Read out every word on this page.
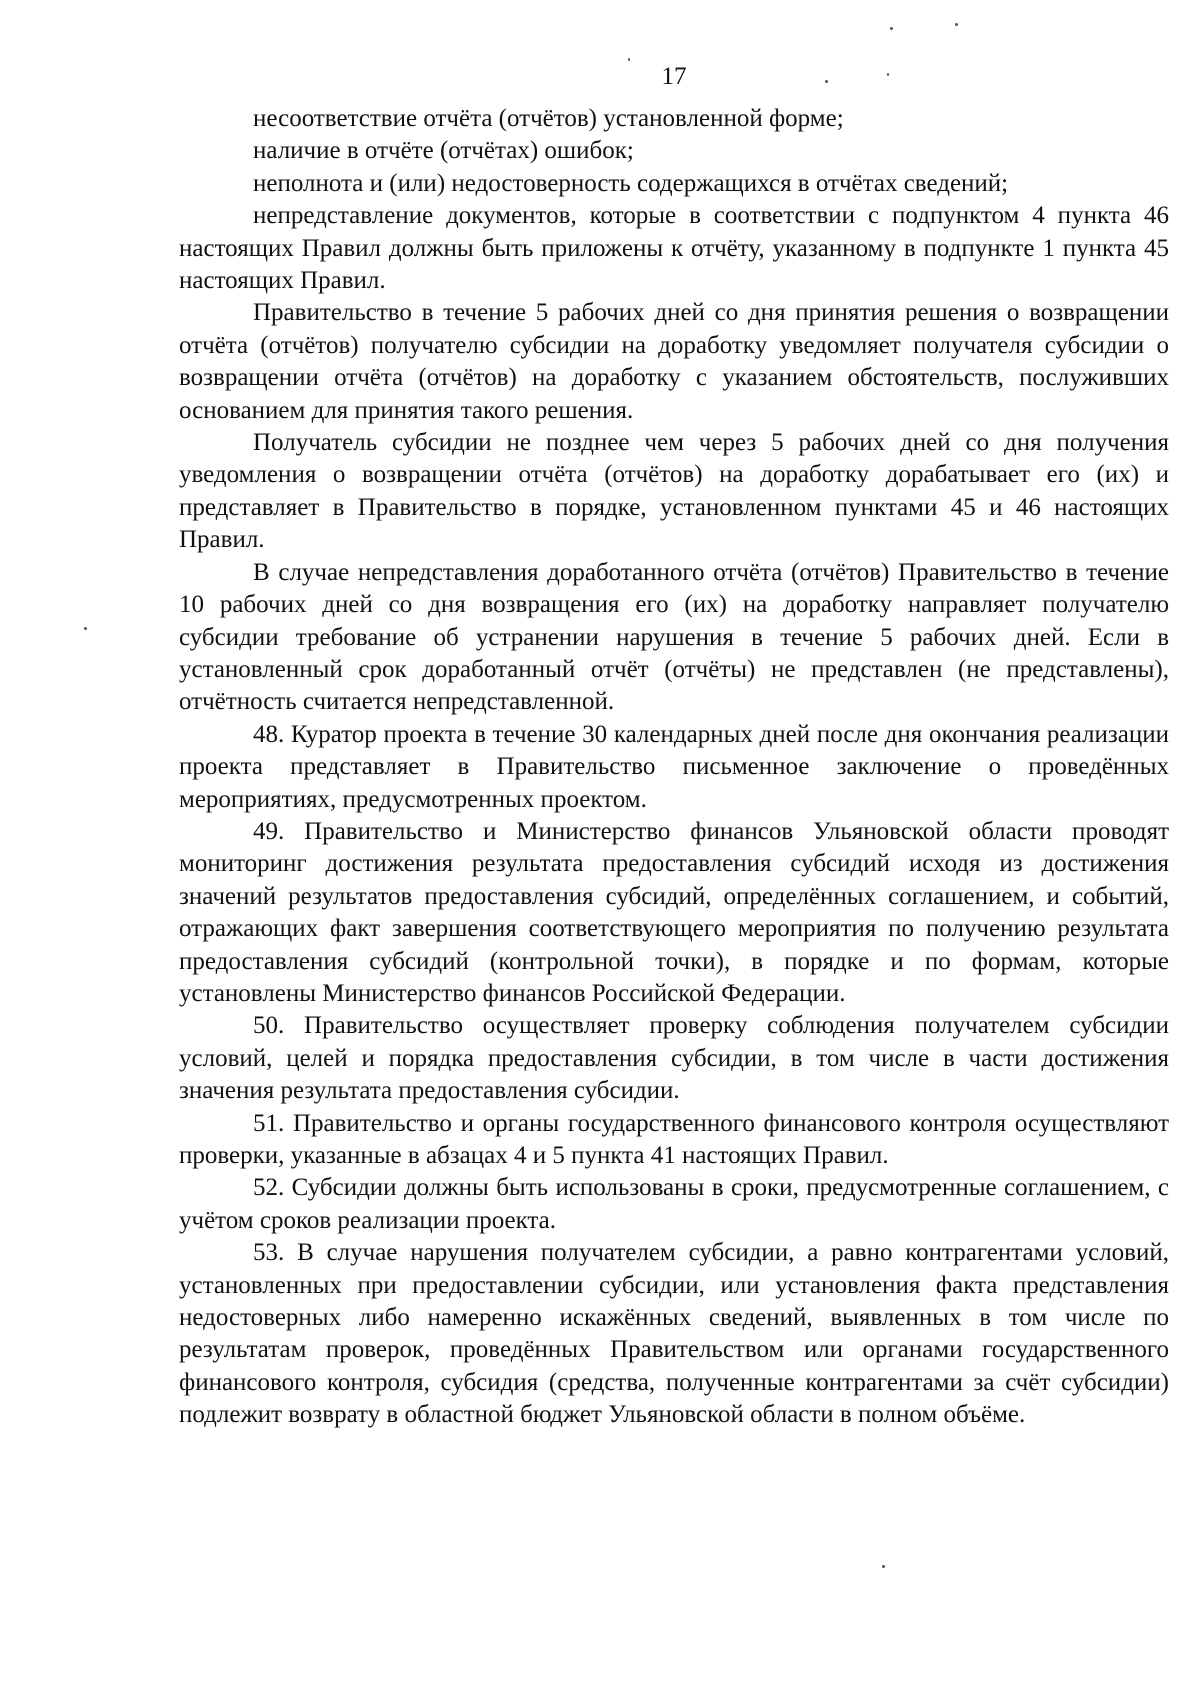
17

несоответствие отчёта (отчётов) установленной форме;

наличие в отчёте (отчётах) ошибок;

неполнота и (или) недостоверность содержащихся в отчётах сведений;

непредставление документов, которые в соответствии с подпунктом 4 пункта 46 настоящих Правил должны быть приложены к отчёту, указанному в подпункте 1 пункта 45 настоящих Правил.

Правительство в течение 5 рабочих дней со дня принятия решения о возвращении отчёта (отчётов) получателю субсидии на доработку уведомляет получателя субсидии о возвращении отчёта (отчётов) на доработку с указанием обстоятельств, послуживших основанием для принятия такого решения.

Получатель субсидии не позднее чем через 5 рабочих дней со дня получения уведомления о возвращении отчёта (отчётов) на доработку дорабатывает его (их) и представляет в Правительство в порядке, установленном пунктами 45 и 46 настоящих Правил.

В случае непредставления доработанного отчёта (отчётов) Правительство в течение 10 рабочих дней со дня возвращения его (их) на доработку направляет получателю субсидии требование об устранении нарушения в течение 5 рабочих дней. Если в установленный срок доработанный отчёт (отчёты) не представлен (не представлены), отчётность считается непредставленной.

48. Куратор проекта в течение 30 календарных дней после дня окончания реализации проекта представляет в Правительство письменное заключение о проведённых мероприятиях, предусмотренных проектом.

49. Правительство и Министерство финансов Ульяновской области проводят мониторинг достижения результата предоставления субсидий исходя из достижения значений результатов предоставления субсидий, определённых соглашением, и событий, отражающих факт завершения соответствующего мероприятия по получению результата предоставления субсидий (контрольной точки), в порядке и по формам, которые установлены Министерство финансов Российской Федерации.

50. Правительство осуществляет проверку соблюдения получателем субсидии условий, целей и порядка предоставления субсидии, в том числе в части достижения значения результата предоставления субсидии.

51. Правительство и органы государственного финансового контроля осуществляют проверки, указанные в абзацах 4 и 5 пункта 41 настоящих Правил.

52. Субсидии должны быть использованы в сроки, предусмотренные соглашением, с учётом сроков реализации проекта.

53. В случае нарушения получателем субсидии, а равно контрагентами условий, установленных при предоставлении субсидии, или установления факта представления недостоверных либо намеренно искажённых сведений, выявленных в том числе по результатам проверок, проведённых Правительством или органами государственного финансового контроля, субсидия (средства, полученные контрагентами за счёт субсидии) подлежит возврату в областной бюджет Ульяновской области в полном объёме.
